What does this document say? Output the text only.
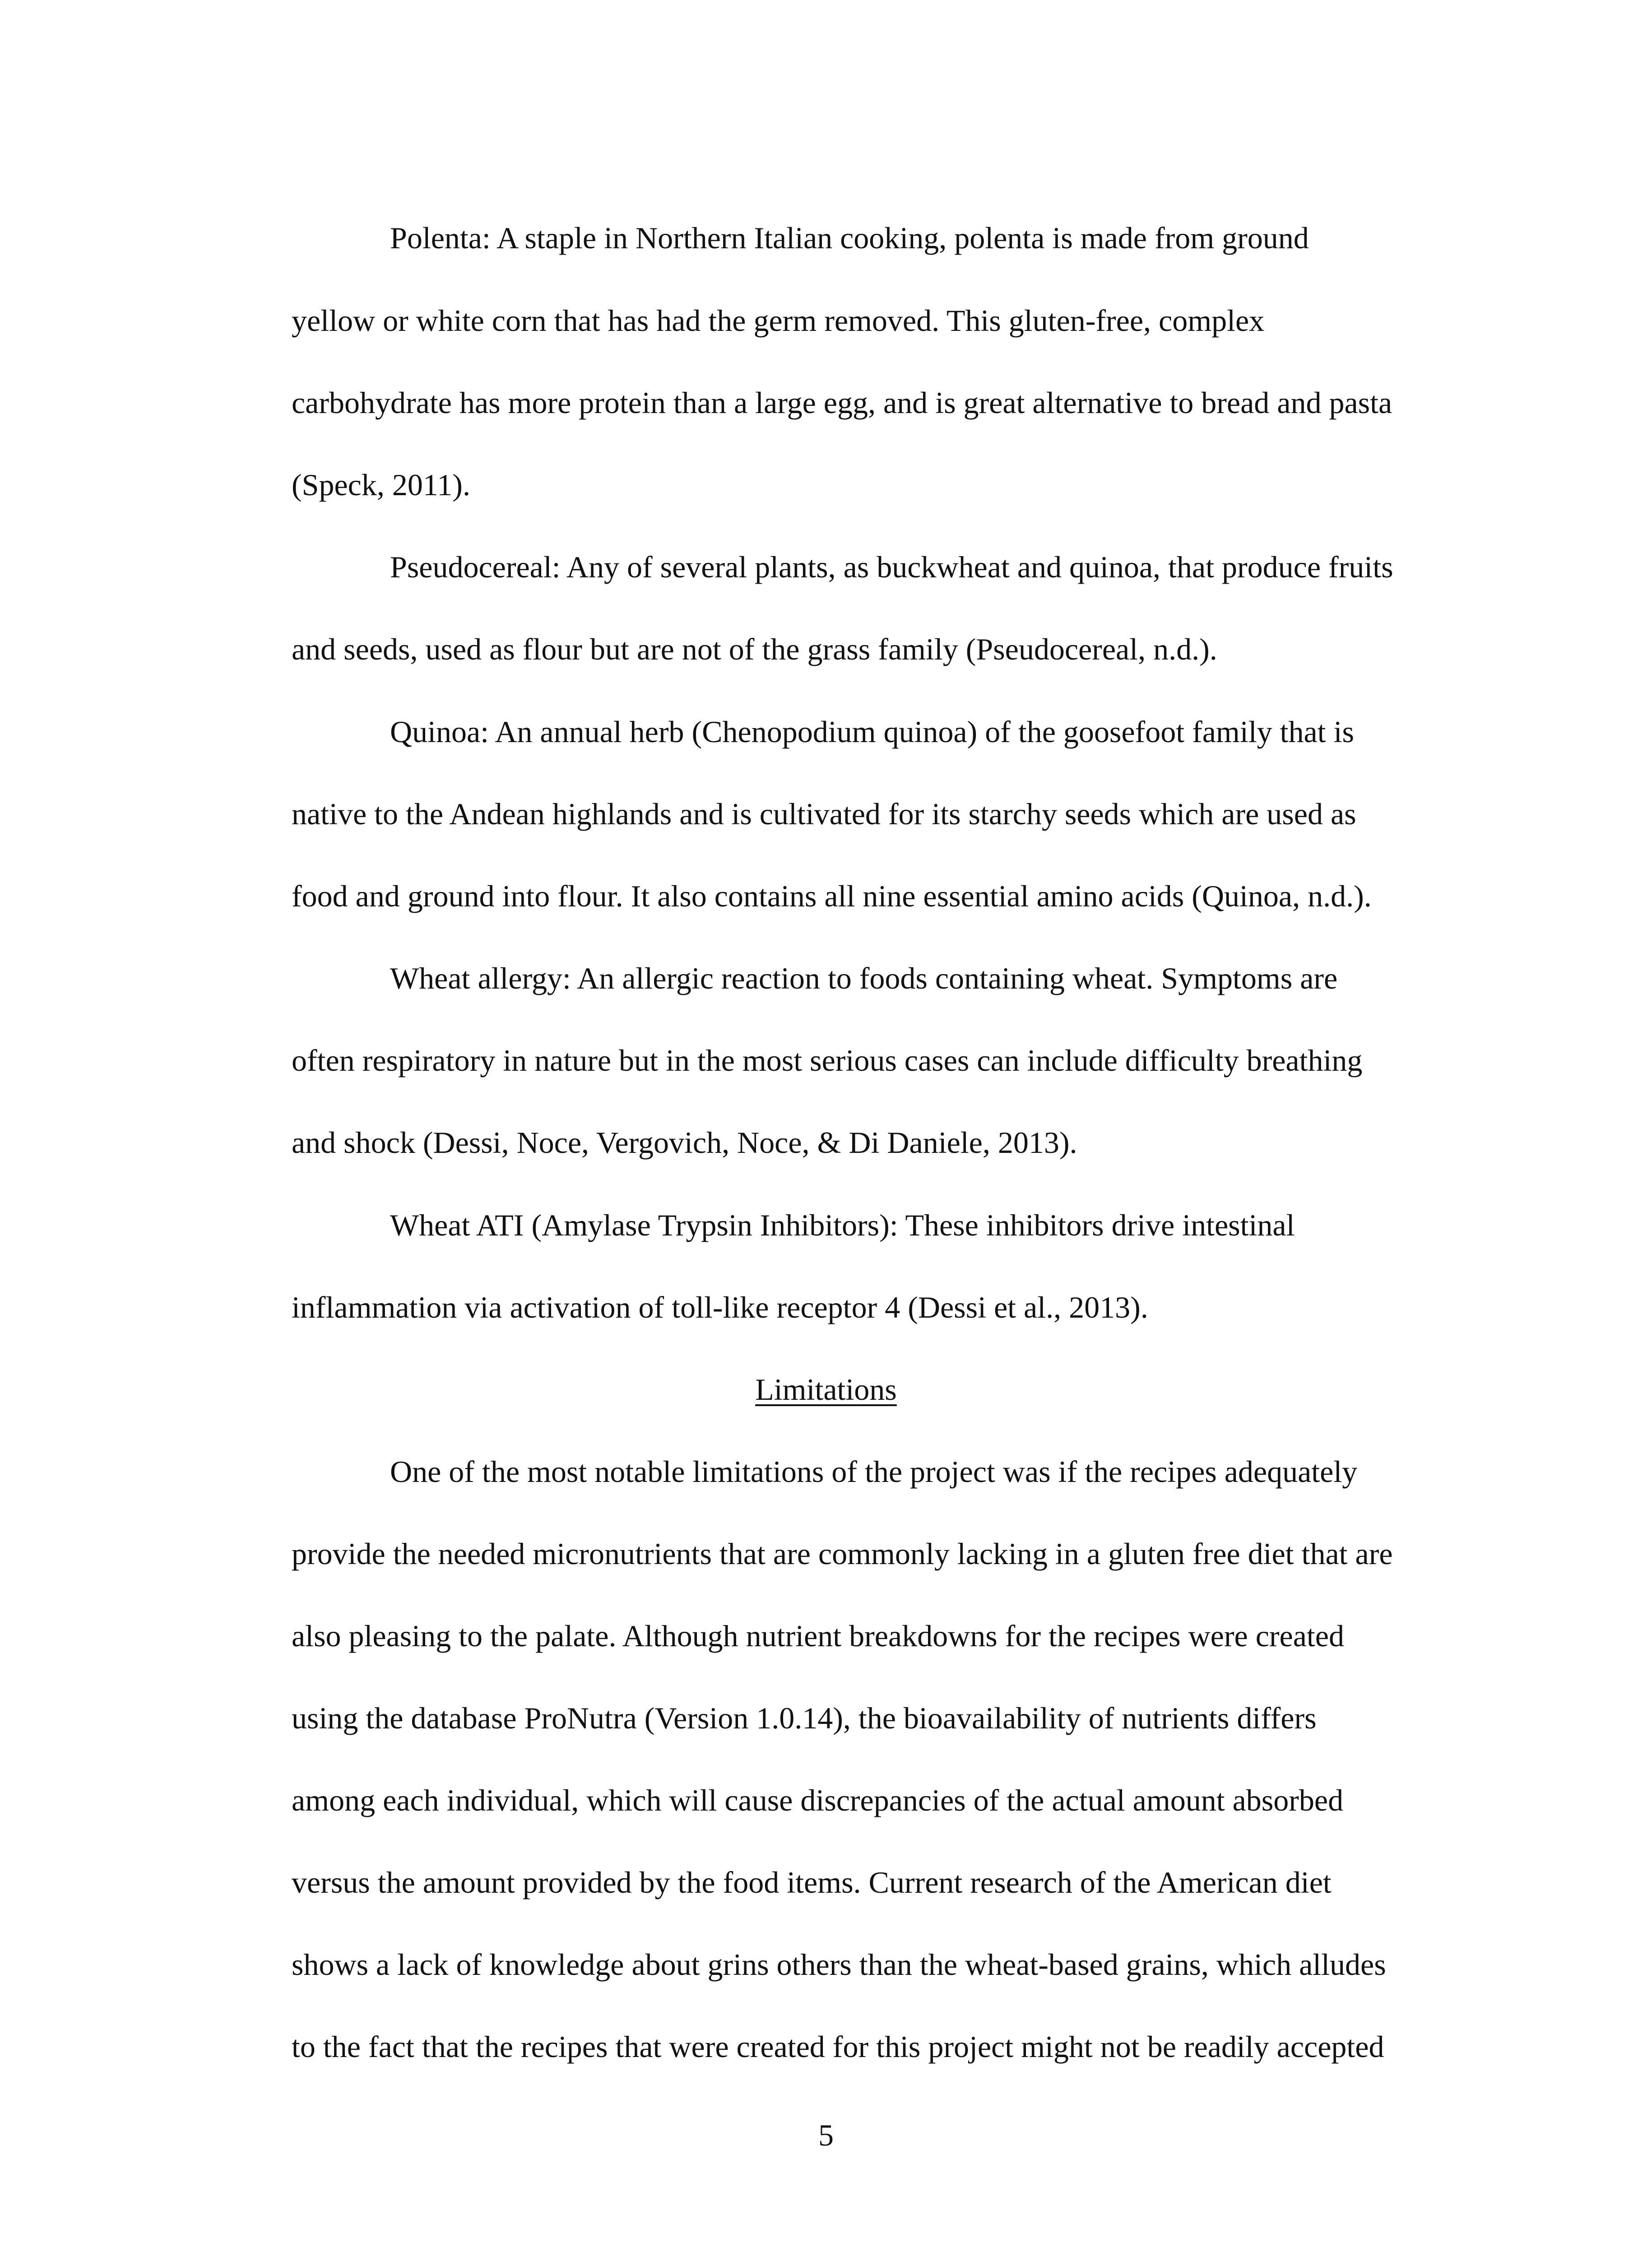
Polenta: A staple in Northern Italian cooking, polenta is made from ground

yellow or white corn that has had the germ removed. This gluten-free, complex

carbohydrate has more protein than a large egg, and is great alternative to bread and pasta

(Speck, 2011).

Pseudocereal: Any of several plants, as buckwheat and quinoa, that produce fruits

and seeds, used as flour but are not of the grass family (Pseudocereal, n.d.).

Quinoa: An annual herb (Chenopodium quinoa) of the goosefoot family that is

native to the Andean highlands and is cultivated for its starchy seeds which are used as

food and ground into flour. It also contains all nine essential amino acids (Quinoa, n.d.).

Wheat allergy: An allergic reaction to foods containing wheat. Symptoms are

often respiratory in nature but in the most serious cases can include difficulty breathing

and shock (Dessi, Noce, Vergovich, Noce, & Di Daniele, 2013).

Wheat ATI (Amylase Trypsin Inhibitors): These inhibitors drive intestinal

inflammation via activation of toll-like receptor 4 (Dessi et al., 2013).

Limitations

One of the most notable limitations of the project was if the recipes adequately

provide the needed micronutrients that are commonly lacking in a gluten free diet that are

also pleasing to the palate. Although nutrient breakdowns for the recipes were created

using the database ProNutra (Version 1.0.14), the bioavailability of nutrients differs

among each individual, which will cause discrepancies of the actual amount absorbed

versus the amount provided by the food items. Current research of the American diet

shows a lack of knowledge about grins others than the wheat-based grains, which alludes

to the fact that the recipes that were created for this project might not be readily accepted

5
